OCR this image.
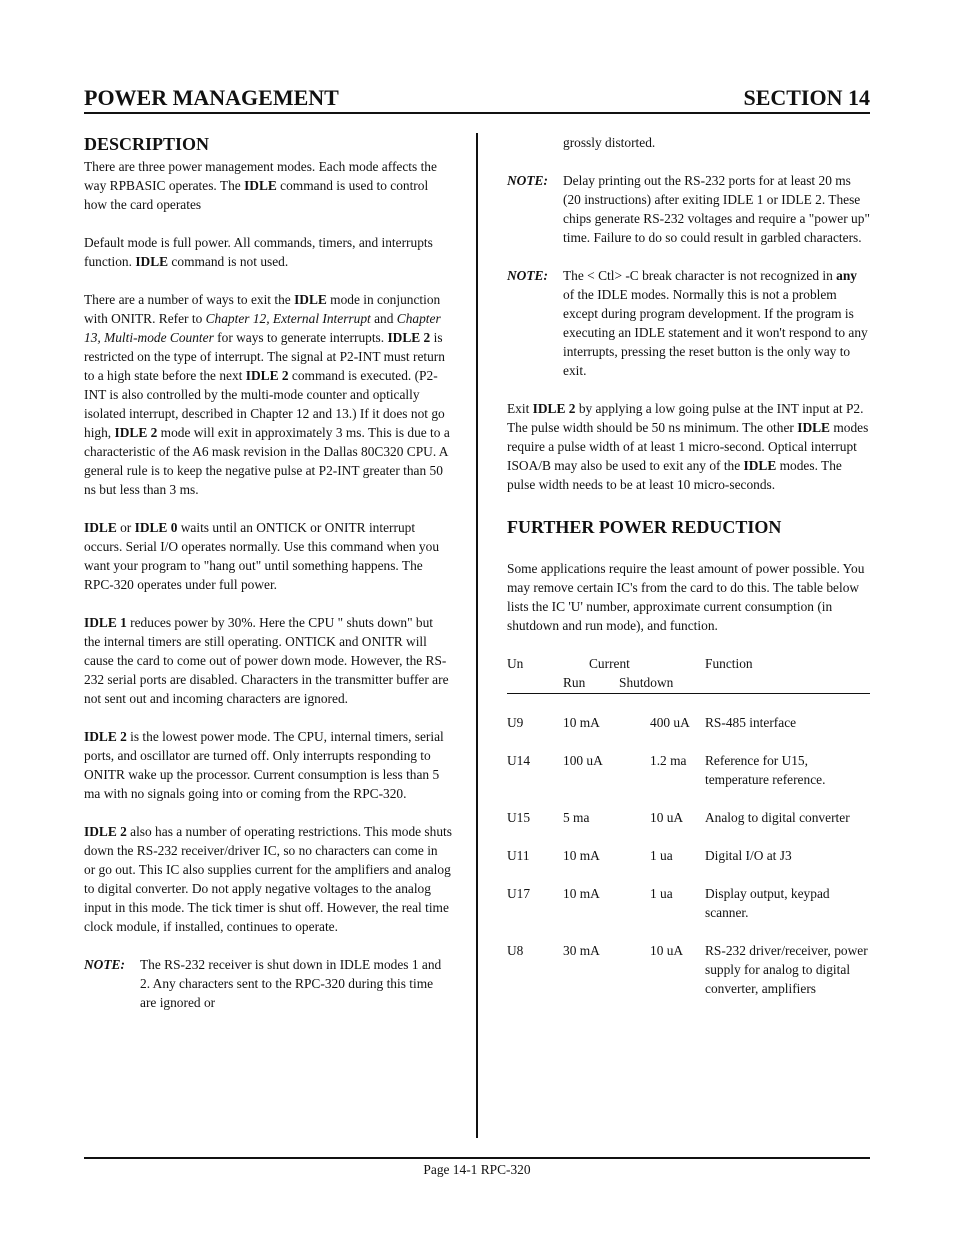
POWER MANAGEMENT	SECTION 14
DESCRIPTION

There are three power management modes. Each mode affects the way RPBASIC operates. The IDLE command is used to control how the card operates

Default mode is full power. All commands, timers, and interrupts function. IDLE command is not used.

There are a number of ways to exit the IDLE mode in conjunction with ONITR. Refer to Chapter 12, External Interrupt and Chapter 13, Multi-mode Counter for ways to generate interrupts. IDLE 2 is restricted on the type of interrupt. The signal at P2-INT must return to a high state before the next IDLE 2 command is executed. (P2-INT is also controlled by the multi-mode counter and optically isolated interrupt, described in Chapter 12 and 13.) If it does not go high, IDLE 2 mode will exit in approximately 3 ms. This is due to a characteristic of the A6 mask revision in the Dallas 80C320 CPU. A general rule is to keep the negative pulse at P2-INT greater than 50 ns but less than 3 ms.

IDLE or IDLE 0 waits until an ONTICK or ONITR interrupt occurs. Serial I/O operates normally. Use this command when you want your program to "hang out" until something happens. The RPC-320 operates under full power.

IDLE 1 reduces power by 30%. Here the CPU " shuts down" but the internal timers are still operating. ONTICK and ONITR will cause the card to come out of power down mode. However, the RS-232 serial ports are disabled. Characters in the transmitter buffer are not sent out and incoming characters are ignored.

IDLE 2 is the lowest power mode. The CPU, internal timers, serial ports, and oscillator are turned off. Only interrupts responding to ONITR wake up the processor. Current consumption is less than 5 ma with no signals going into or coming from the RPC-320.

IDLE 2 also has a number of operating restrictions. This mode shuts down the RS-232 receiver/driver IC, so no characters can come in or go out. This IC also supplies current for the amplifiers and analog to digital converter. Do not apply negative voltages to the analog input in this mode. The tick timer is shut off. However, the real time clock module, if installed, continues to operate.

NOTE:	The RS-232 receiver is shut down in IDLE modes 1 and 2. Any characters sent to the RPC-320 during this time are ignored or

grossly distorted.

NOTE:	Delay printing out the RS-232 ports for at least 20 ms (20 instructions) after exiting IDLE 1 or IDLE 2. These chips generate RS-232 voltages and require a "power up" time. Failure to do so could result in garbled characters.
NOTE:	The < Ctl> -C break character is not recognized in any of the IDLE modes. Normally this is not a problem except during program development. If the program is executing an IDLE statement and it won't respond to any interrupts, pressing the reset button is the only way to exit.

Exit IDLE 2 by applying a low going pulse at the INT input at P2. The pulse width should be 50 ns minimum. The other IDLE modes require a pulse width of at least 1 micro-second. Optical interrupt ISOA/B may also be used to exit any of the IDLE modes. The pulse width needs to be at least 10 micro-seconds.

FURTHER POWER REDUCTION

Some applications require the least amount of power possible. You may remove certain IC's from the card to do this. The table below lists the IC 'U' number, approximate current consumption (in shutdown and run mode), and function.

Un	Current	Function
Run	Shutdown
U9	10 mA	400 uA RS-485 interface
U14 100 uA	1.2 ma Reference for U15, temperature reference.
U15 5 ma	10 uA Analog to digital converter
U11 10 mA	1 ua Digital I/O at J3
U17 10 mA	1 ua Display output, keypad scanner.
U8	30 mA	10 uA RS-232 driver/receiver, power supply for analog to digital converter, amplifiers
Page 14-1 RPC-320
